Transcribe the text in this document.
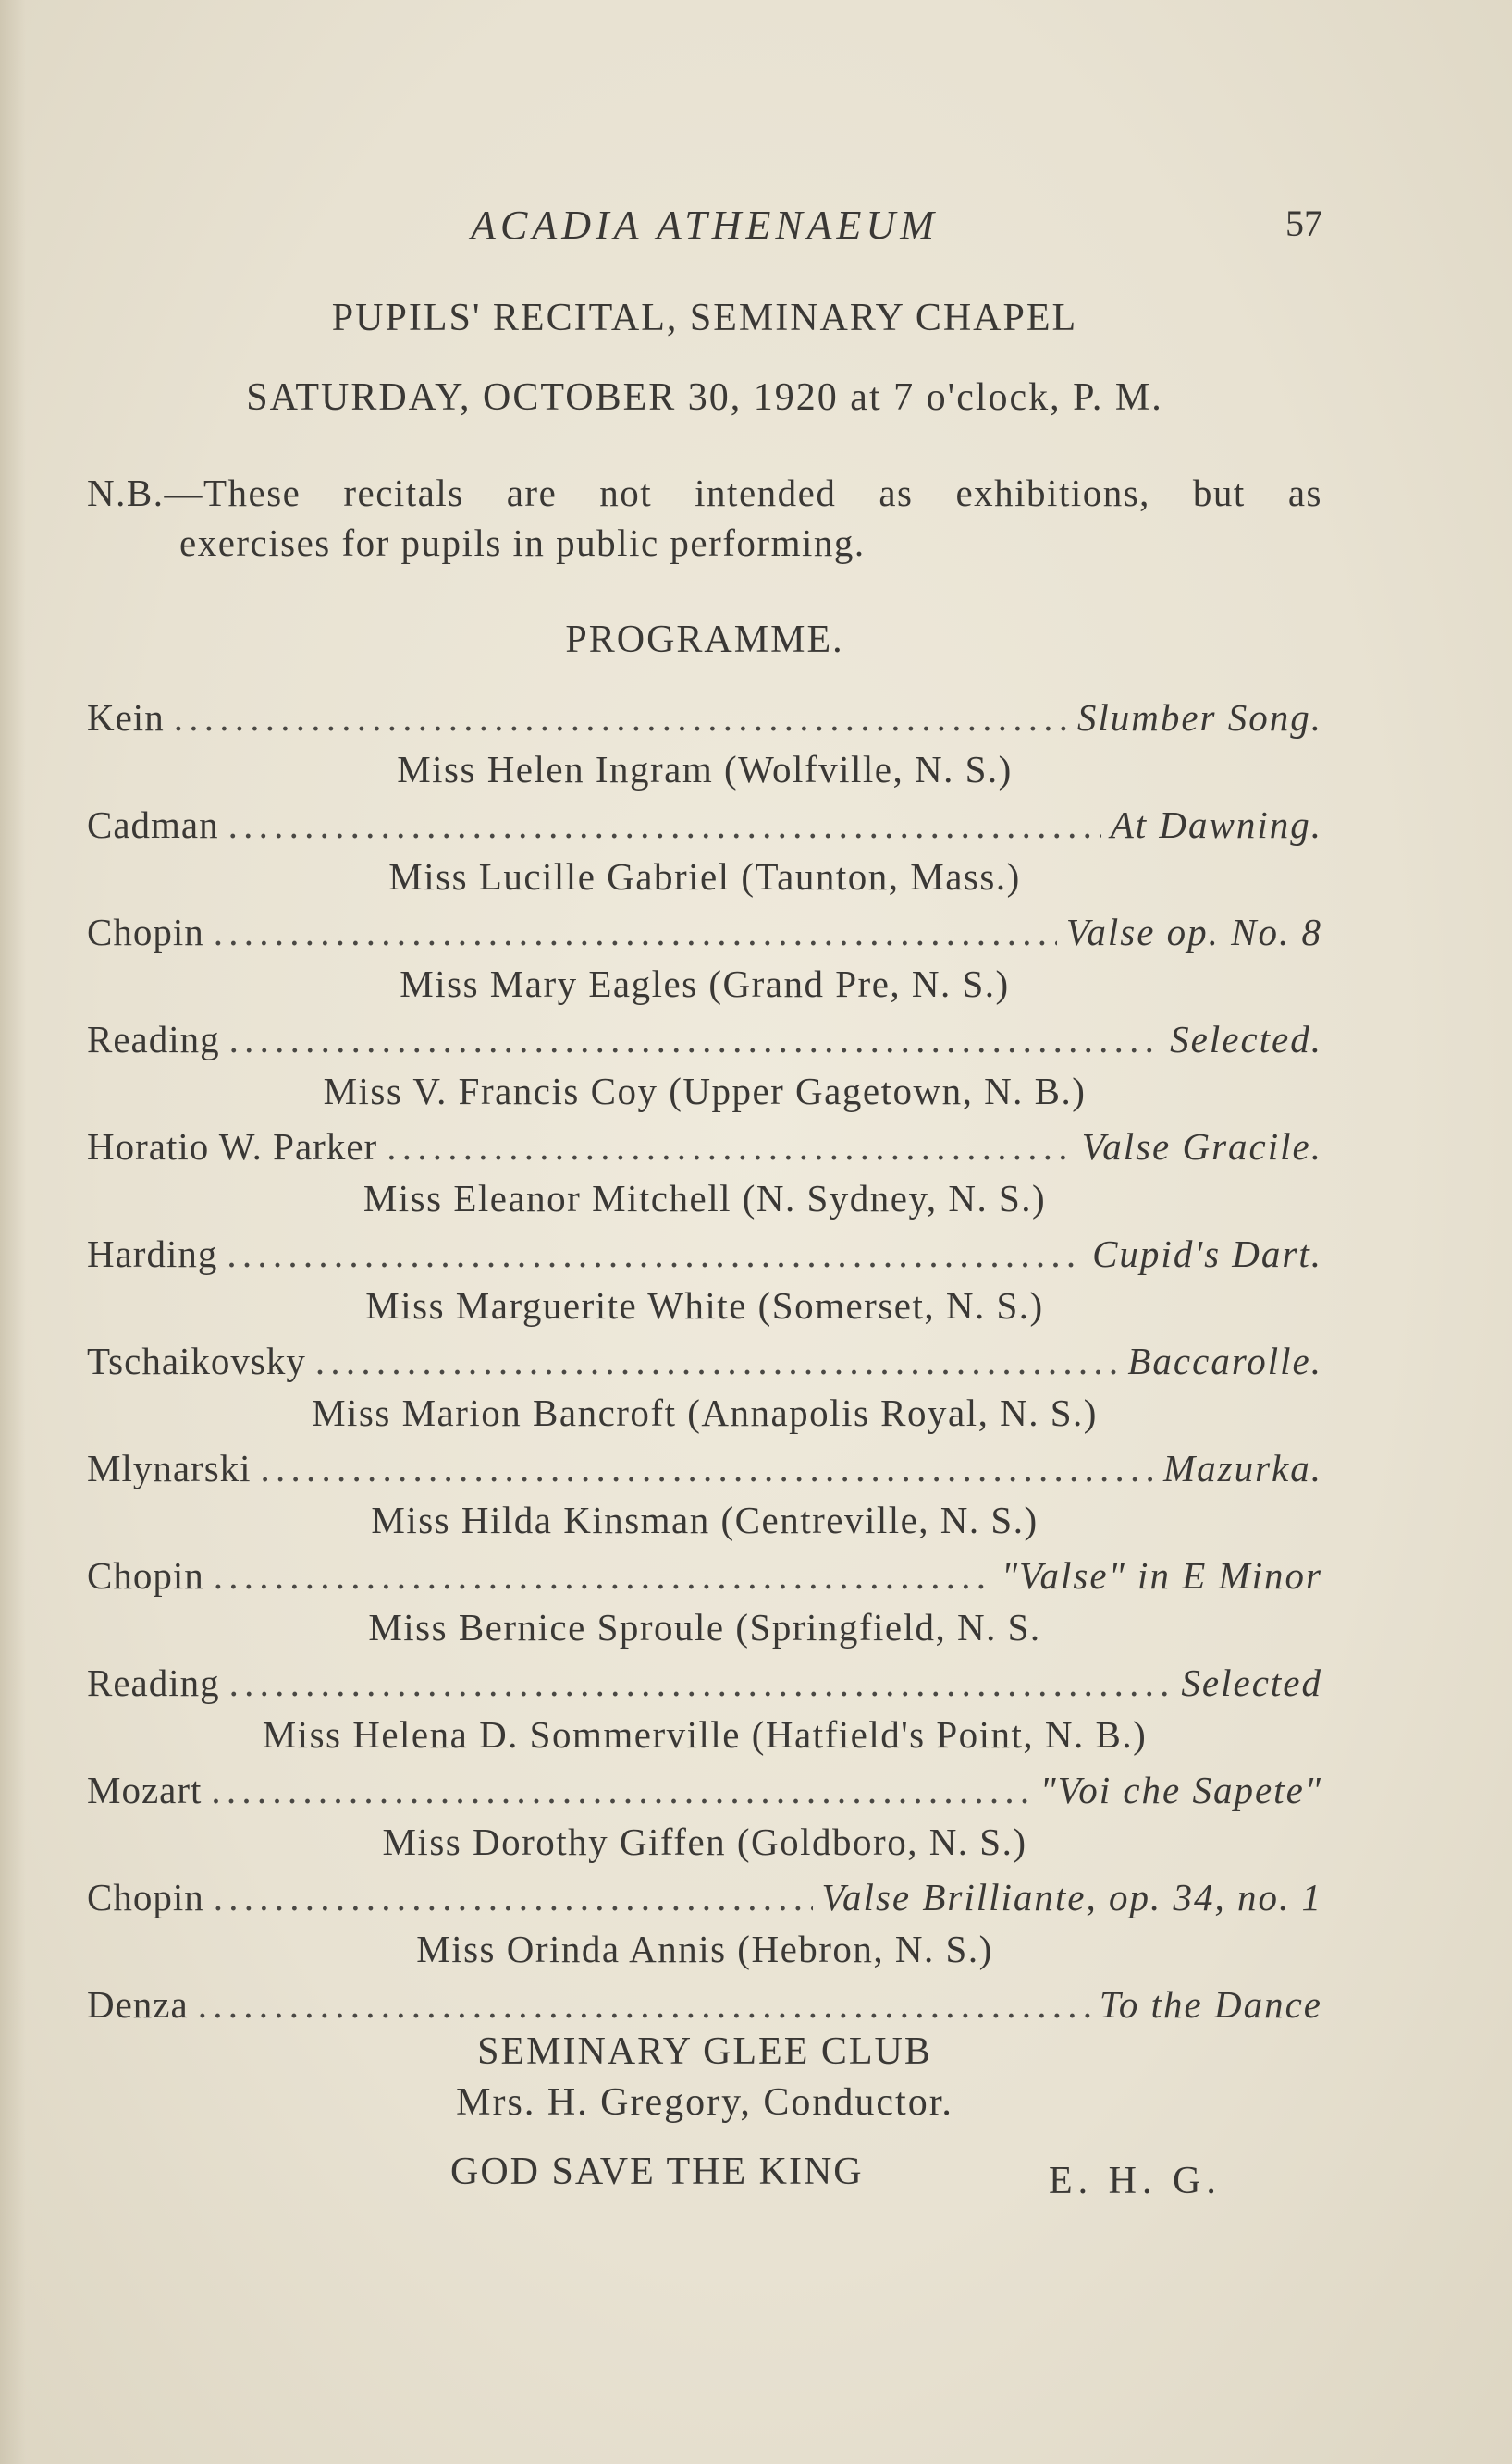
ACADIA ATHENAEUM	57
PUPILS' RECITAL, SEMINARY CHAPEL
SATURDAY, OCTOBER 30, 1920 at 7 o'clock, P. M.
N.B.—These recitals are not intended as exhibitions, but as
exercises for pupils in public performing.
PROGRAMME.
Kein . . .	Slumber Song.
Miss Helen Ingram (Wolfville, N. S.)
Cadman . . .	At Dawning.
Miss Lucille Gabriel (Taunton, Mass.)
Chopin . . .	Valse op. No. 8
Miss Mary Eagles (Grand Pre, N. S.)
Reading . . .	Selected.
Miss V. Francis Coy (Upper Gagetown, N. B.)
Horatio W. Parker . . .	Valse Gracile.
Miss Eleanor Mitchell (N. Sydney, N. S.)
Harding . . .	Cupid's Dart.
Miss Marguerite White (Somerset, N. S.)
Tschaikovsky . . .	Baccarolle.
Miss Marion Bancroft (Annapolis Royal, N. S.)
Mlynarski . . .	Mazurka.
Miss Hilda Kinsman (Centreville, N. S.)
Chopin . . .	"Valse" in E Minor
Miss Bernice Sproule (Springfield, N. S.
Reading . . .	Selected
Miss Helena D. Sommerville (Hatfield's Point, N. B.)
Mozart . . .	"Voi che Sapete"
Miss Dorothy Giffen (Goldboro, N. S.)
Chopin . . .	Valse Brilliante, op. 34, no. 1
Miss Orinda Annis (Hebron, N. S.)
Denza . . .	To the Dance
SEMINARY GLEE CLUB
Mrs. H. Gregory, Conductor.
GOD SAVE THE KING	E. H. G.
